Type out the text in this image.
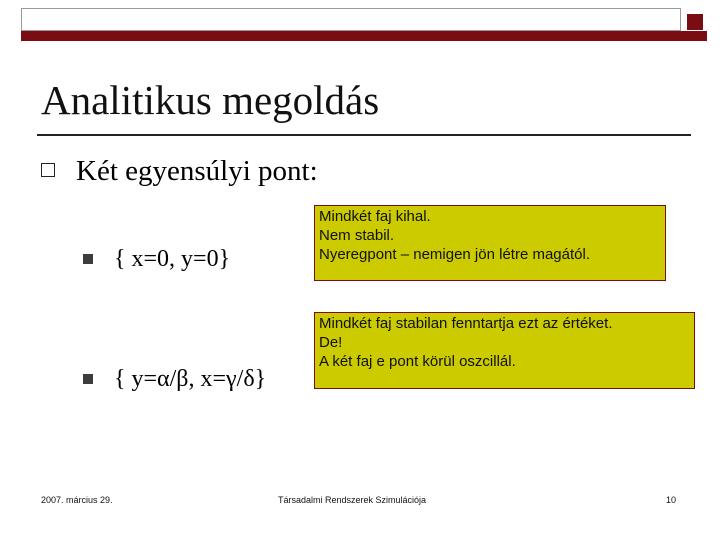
Analitikus megoldás
Két egyensúlyi pont:
{ x=0, y=0}
{ y=α/β, x=γ/δ}
Mindkét faj kihal.
Nem stabil.
Nyeregpont – nemigen jön létre magától.
Mindkét faj stabilan fenntartja ezt az értéket.
De!
A két faj e pont körül oszcillál.
2007. március 29.	Társadalmi Rendszerek Szimulációja	10
